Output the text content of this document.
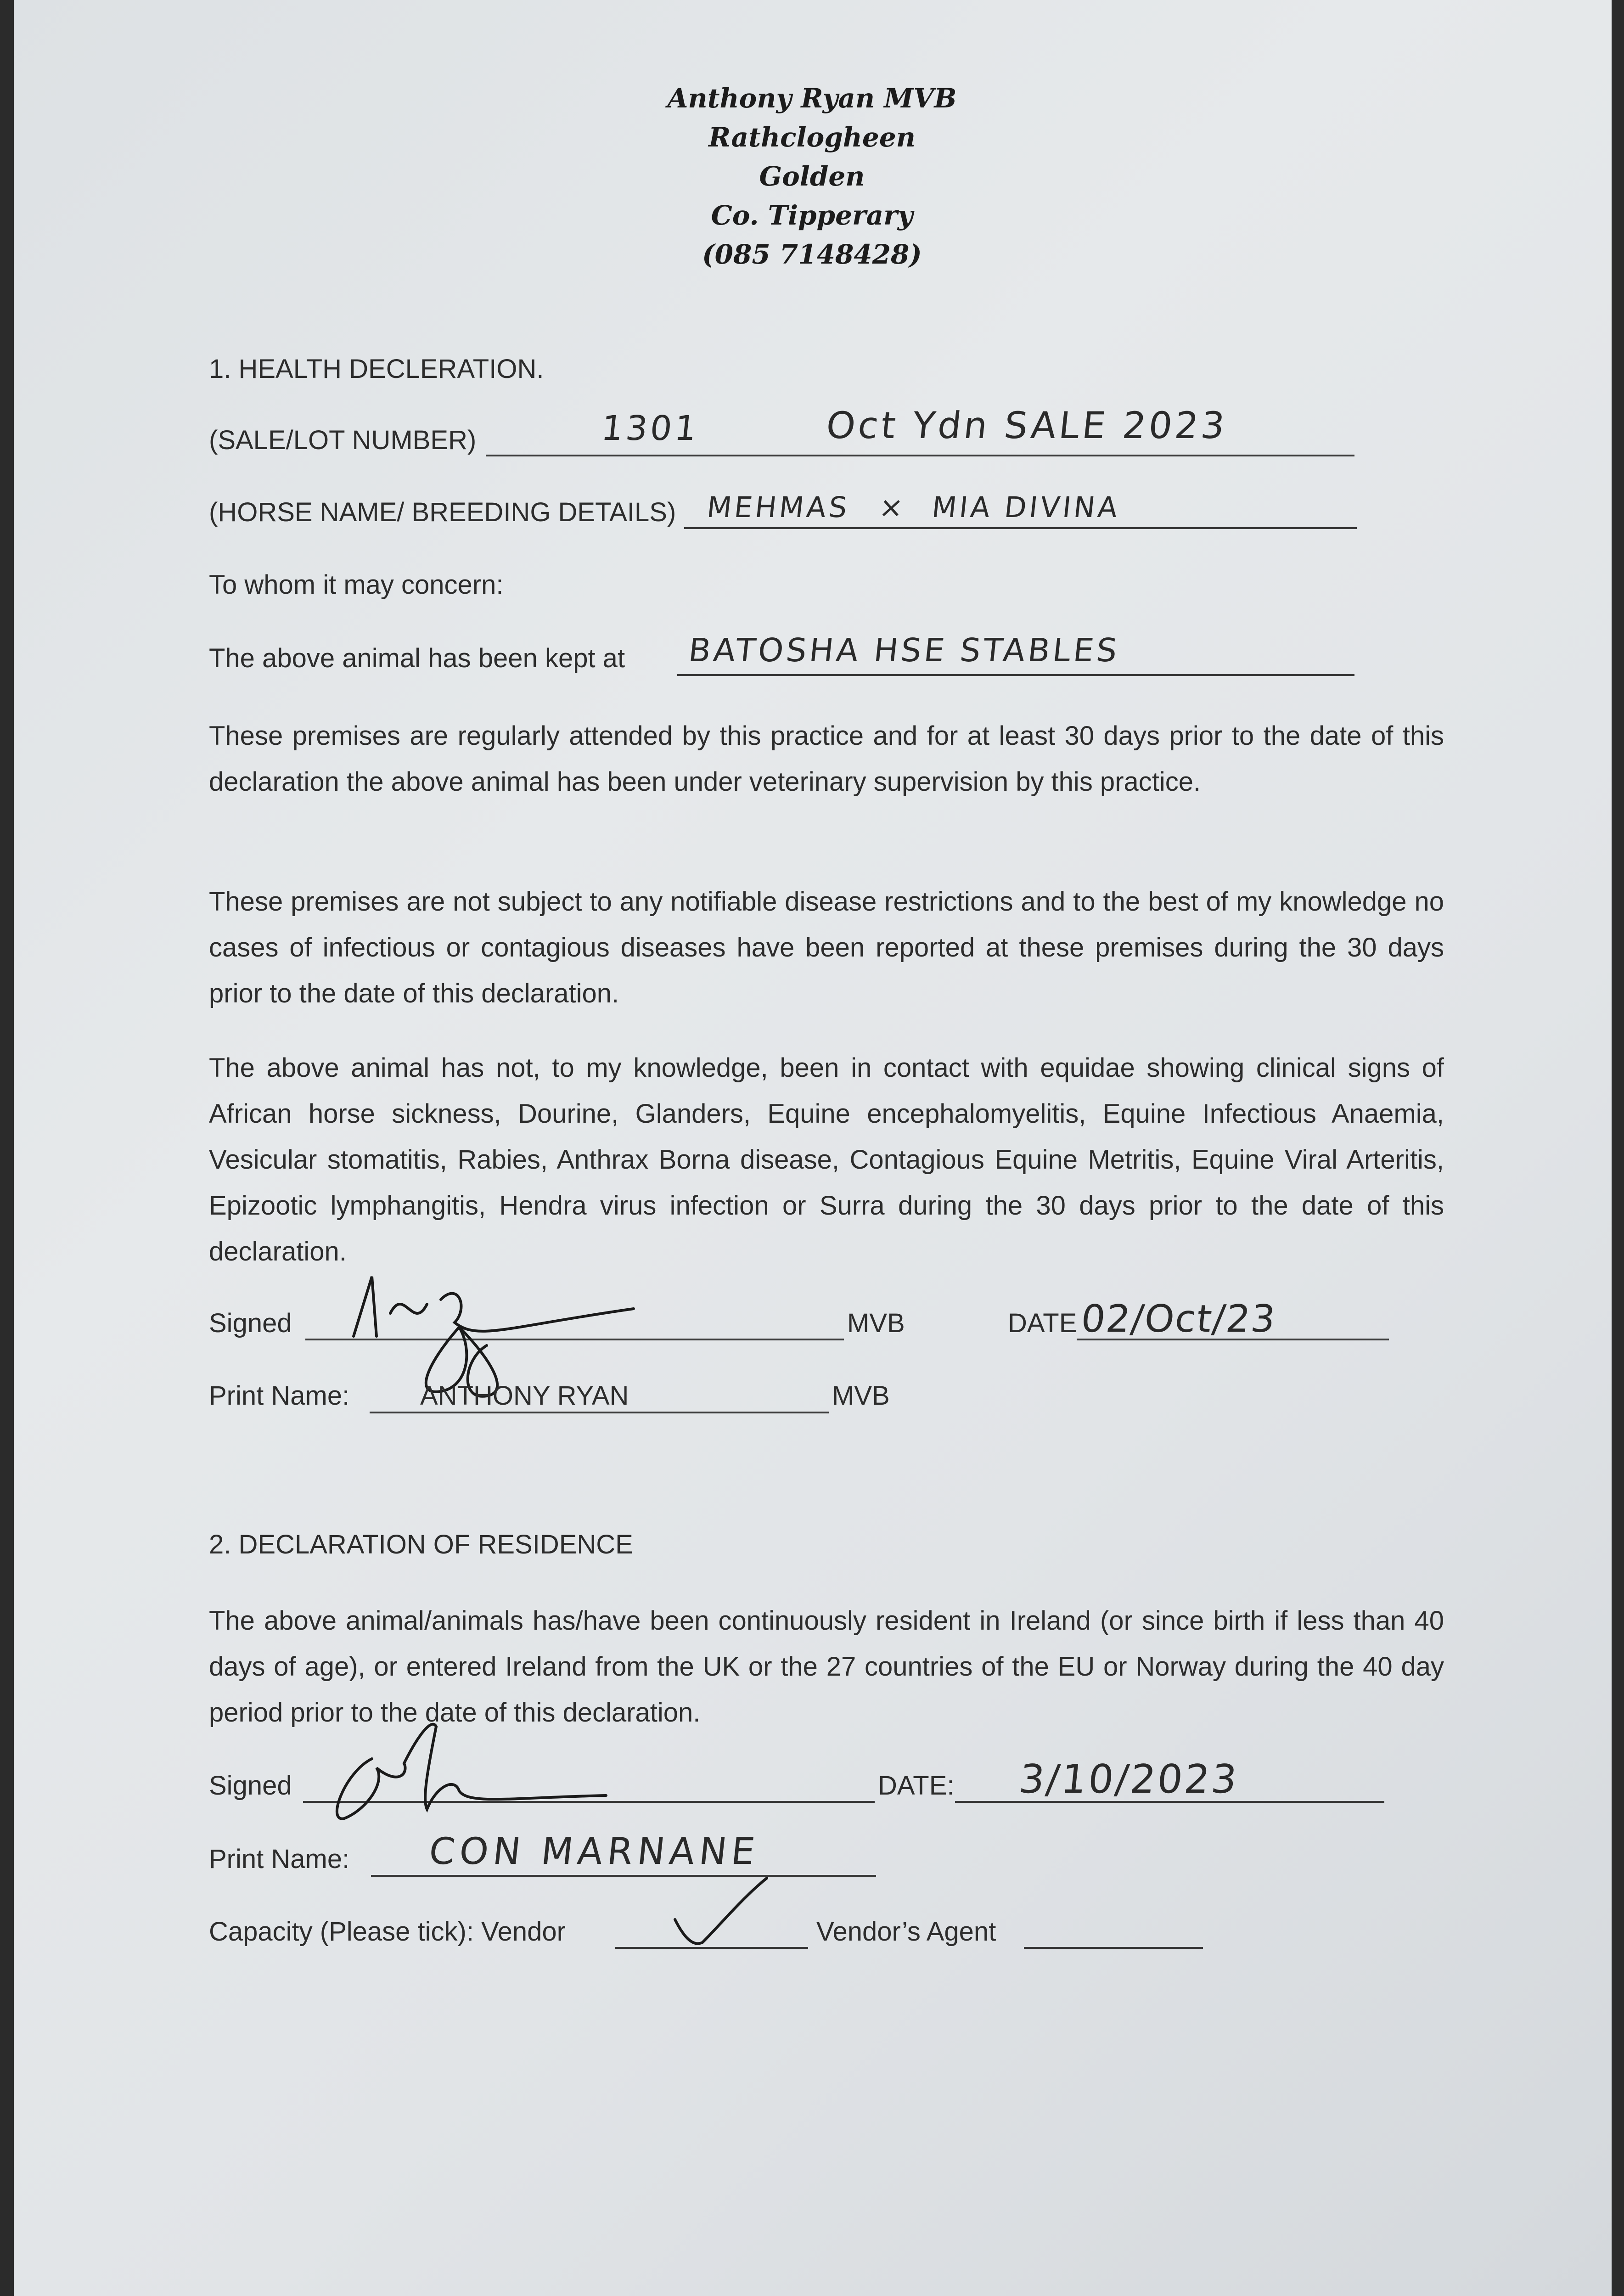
Anthony Ryan MVB
Rathclogheen
Golden
Co. Tipperary
(085 7148428)
1. HEALTH DECLERATION.
(SALE/LOT NUMBER)	1301	Oct Ydn SALE 2023
(HORSE NAME/ BREEDING DETAILS) MEHMAS × MIA DIVINA
To whom it may concern:
The above animal has been kept at BATOSHA HSE STABLES
These premises are regularly attended by this practice and for at least 30 days prior to the date of this declaration the above animal has been under veterinary supervision by this practice.
These premises are not subject to any notifiable disease restrictions and to the best of my knowledge no cases of infectious or contagious diseases have been reported at these premises during the 30 days prior to the date of this declaration.
The above animal has not, to my knowledge, been in contact with equidae showing clinical signs of African horse sickness, Dourine, Glanders, Equine encephalomyelitis, Equine Infectious Anaemia, Vesicular stomatitis, Rabies, Anthrax Borna disease, Contagious Equine Metritis, Equine Viral Arteritis, Epizootic lymphangitis, Hendra virus infection or Surra during the 30 days prior to the date of this declaration.
Signed	MVB	DATE 02/Oct/23
Print Name:	ANTHONY RYAN	MVB
2. DECLARATION OF RESIDENCE
The above animal/animals has/have been continuously resident in Ireland (or since birth if less than 40 days of age), or entered Ireland from the UK or the 27 countries of the EU or Norway during the 40 day period prior to the date of this declaration.
Signed	DATE: 3/10/2023
Print Name: CON MARNANE
Capacity (Please tick): Vendor	Vendor’s Agent
